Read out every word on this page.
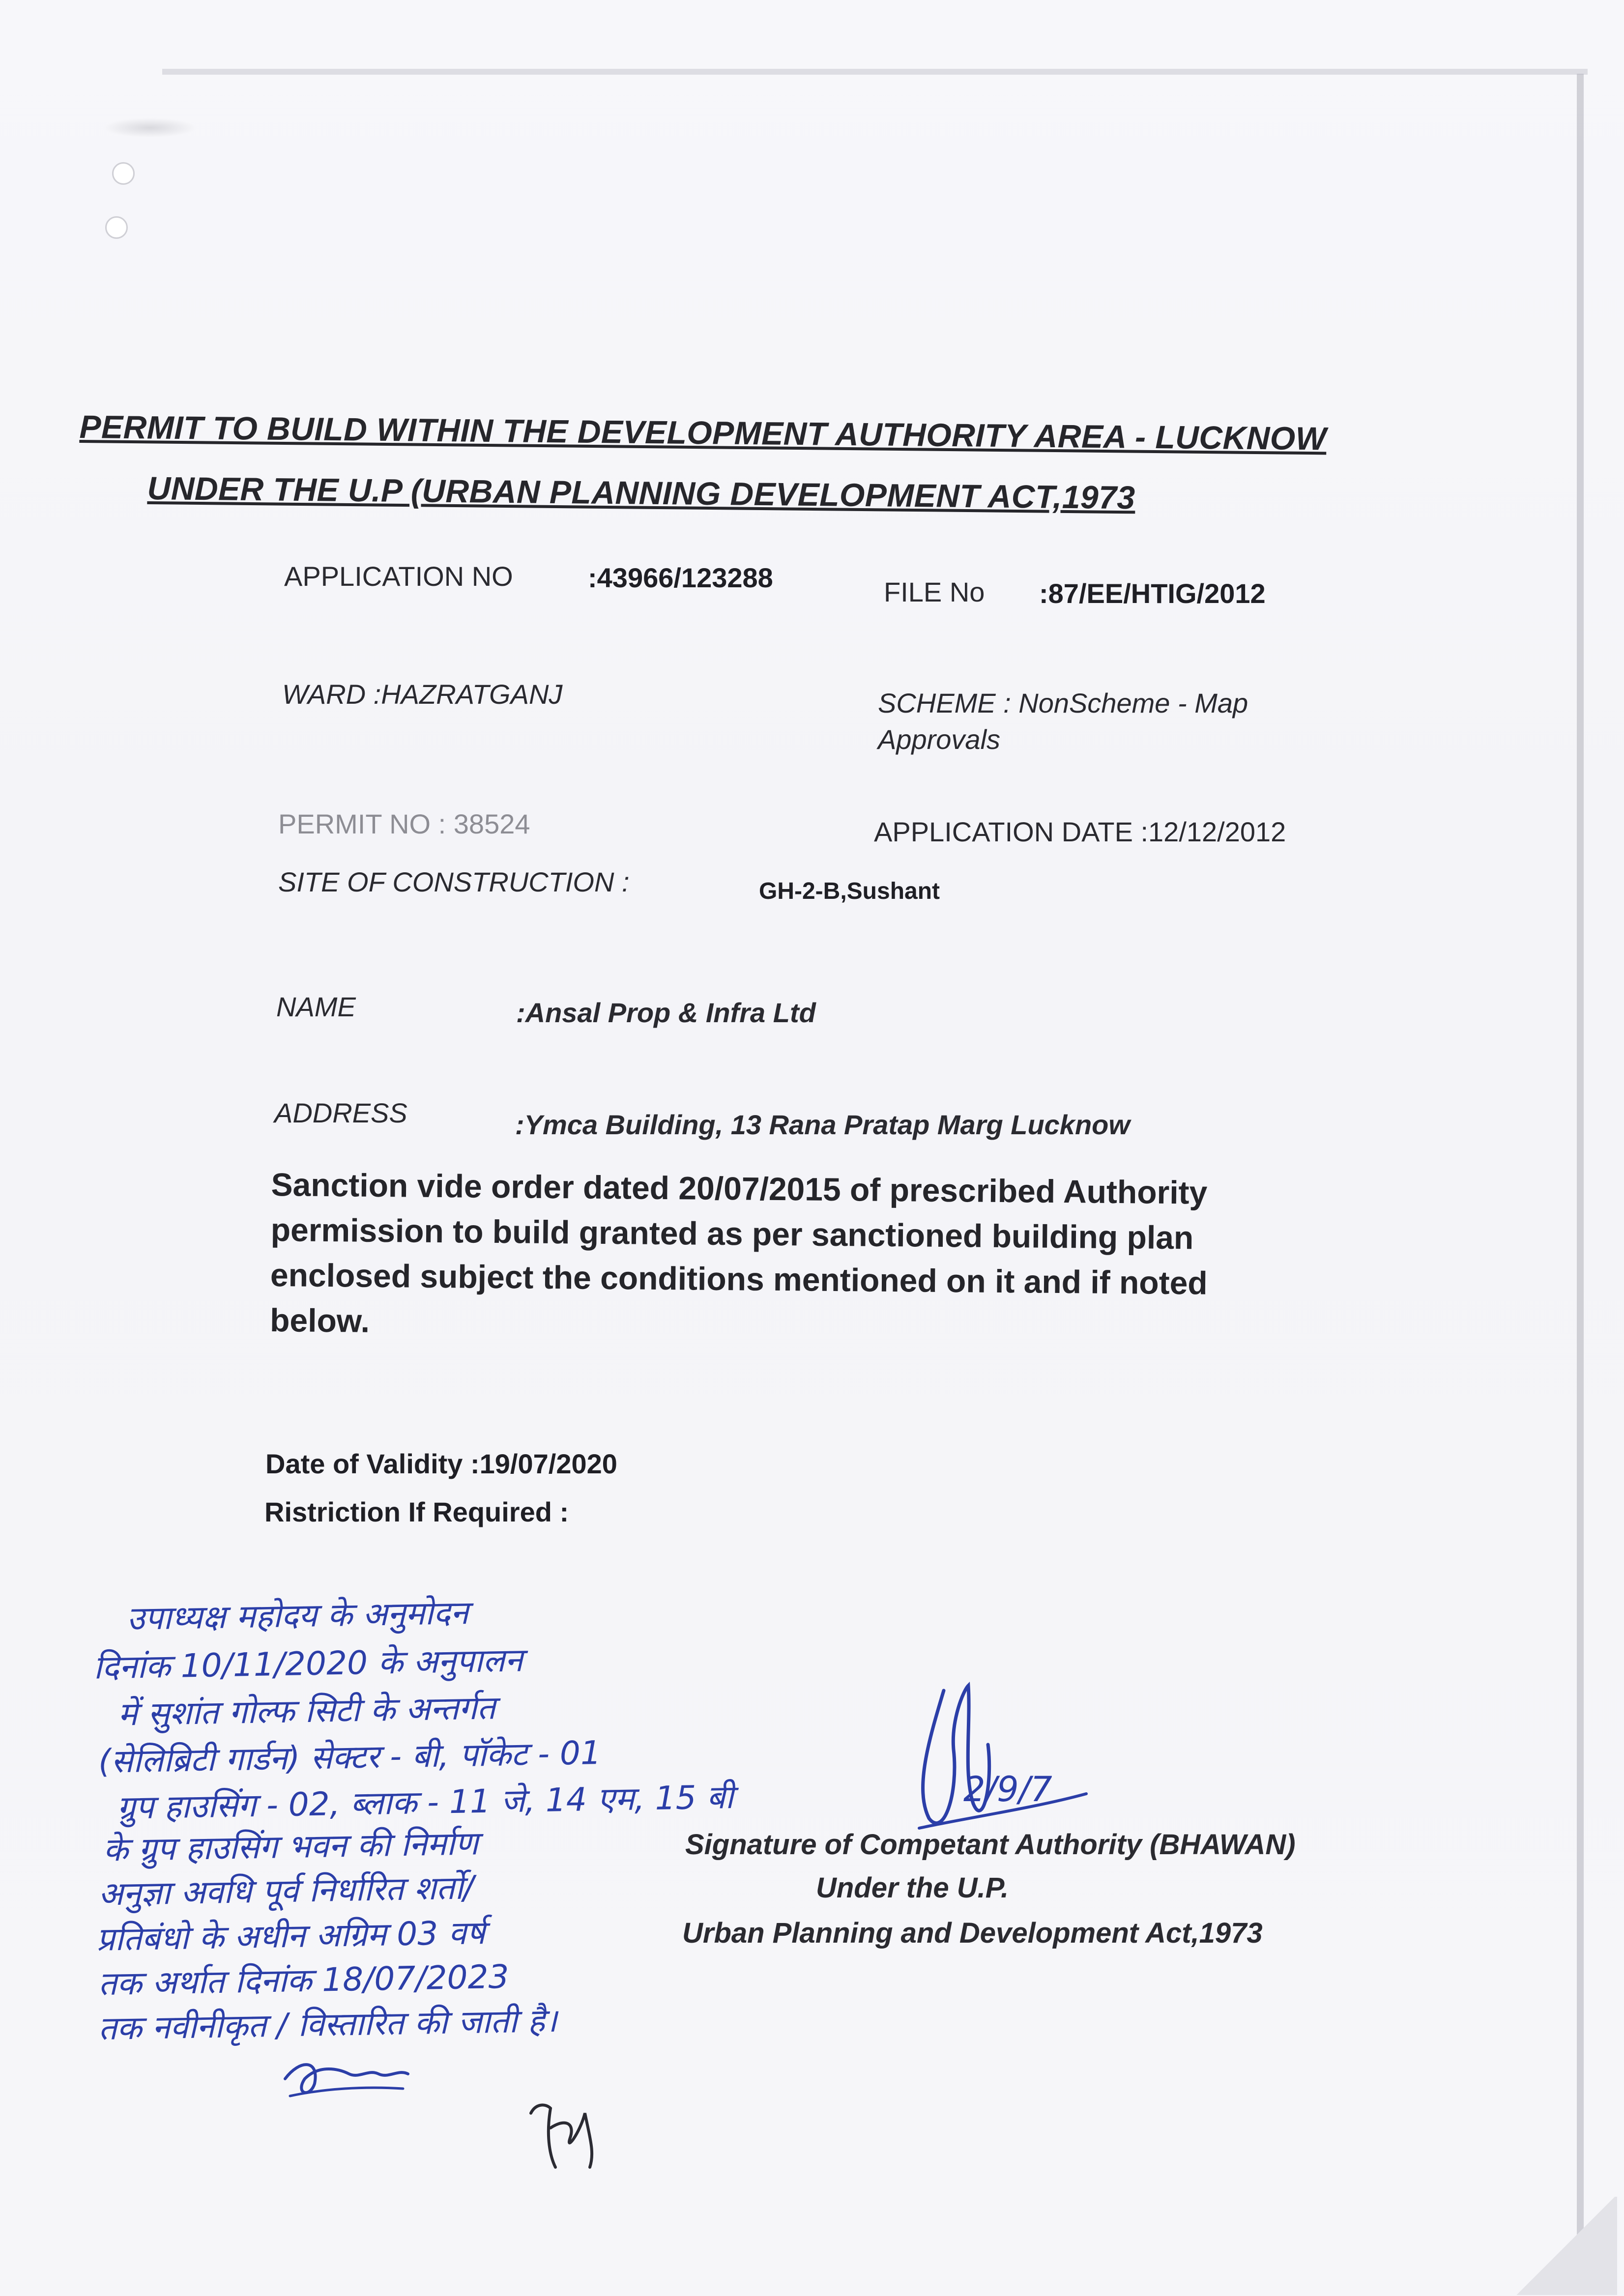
PERMIT TO BUILD WITHIN THE DEVELOPMENT AUTHORITY AREA - LUCKNOW
UNDER THE U.P (URBAN PLANNING DEVELOPMENT ACT,1973
APPLICATION NO	:43966/123288	FILE No :87/EE/HTIG/2012
WARD :HAZRATGANJ	SCHEME : NonScheme - Map
Approvals
PERMIT NO : 38524	APPLICATION DATE :12/12/2012
SITE OF CONSTRUCTION :	GH-2-B,Sushant
NAME	:Ansal Prop & Infra Ltd
ADDRESS	:Ymca Building, 13 Rana Pratap Marg Lucknow
Sanction vide order dated 20/07/2015 of prescribed Authority
permission to build granted as per sanctioned building plan
enclosed subject the conditions mentioned on it and if noted
below.
Date of Validity :19/07/2020
Ristriction If Required :
Signature of Competant Authority (BHAWAN)
Under the U.P.
Urban Planning and Development Act,1973
2/9/7
उपाध्यक्ष महोदय के अनुमोदन
दिनांक 10/11/2020 के अनुपालन
में सुशांत गोल्फ सिटी के अन्तर्गत
(सेलिब्रिटी गार्डन) सेक्टर - बी, पॉकेट - 01
ग्रुप हाउसिंग - 02, ब्लाक - 11 जे, 14 एम, 15 बी
के ग्रुप हाउसिंग भवन की निर्माण
अनुज्ञा अवधि पूर्व निर्धारित शर्तो/
प्रतिबंधो के अधीन अग्रिम 03 वर्ष
तक अर्थात दिनांक 18/07/2023
तक नवीनीकृत / विस्तारित की जाती है।
